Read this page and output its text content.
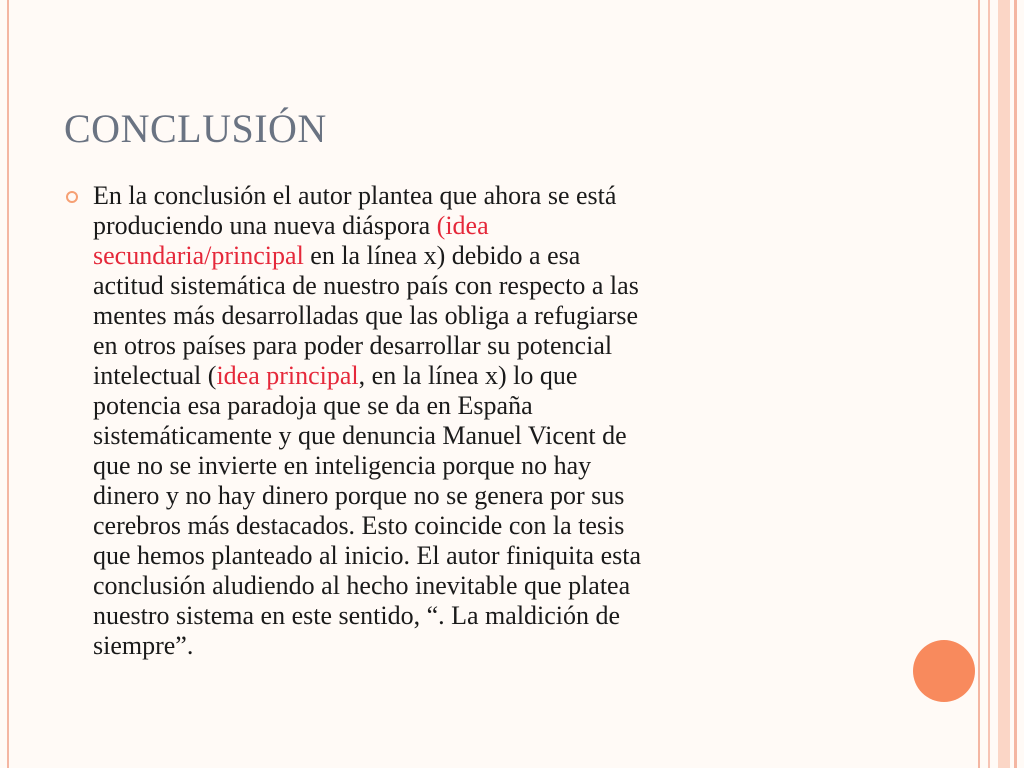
CONCLUSIÓN

En la conclusión el autor plantea que ahora se está
produciendo una nueva diáspora (idea
secundaria/principal en la línea x) debido a esa
actitud sistemática de nuestro país con respecto a las
mentes más desarrolladas que las obliga a refugiarse
en otros países para poder desarrollar su potencial
intelectual (idea principal, en la línea x) lo que
potencia esa paradoja que se da en España
sistemáticamente y que denuncia Manuel Vicent de
que no se invierte en inteligencia porque no hay
dinero y no hay dinero porque no se genera por sus
cerebros más destacados. Esto coincide con la tesis
que hemos planteado al inicio. El autor finiquita esta
conclusión aludiendo al hecho inevitable que platea
nuestro sistema en este sentido, “. La maldición de
siempre”.
